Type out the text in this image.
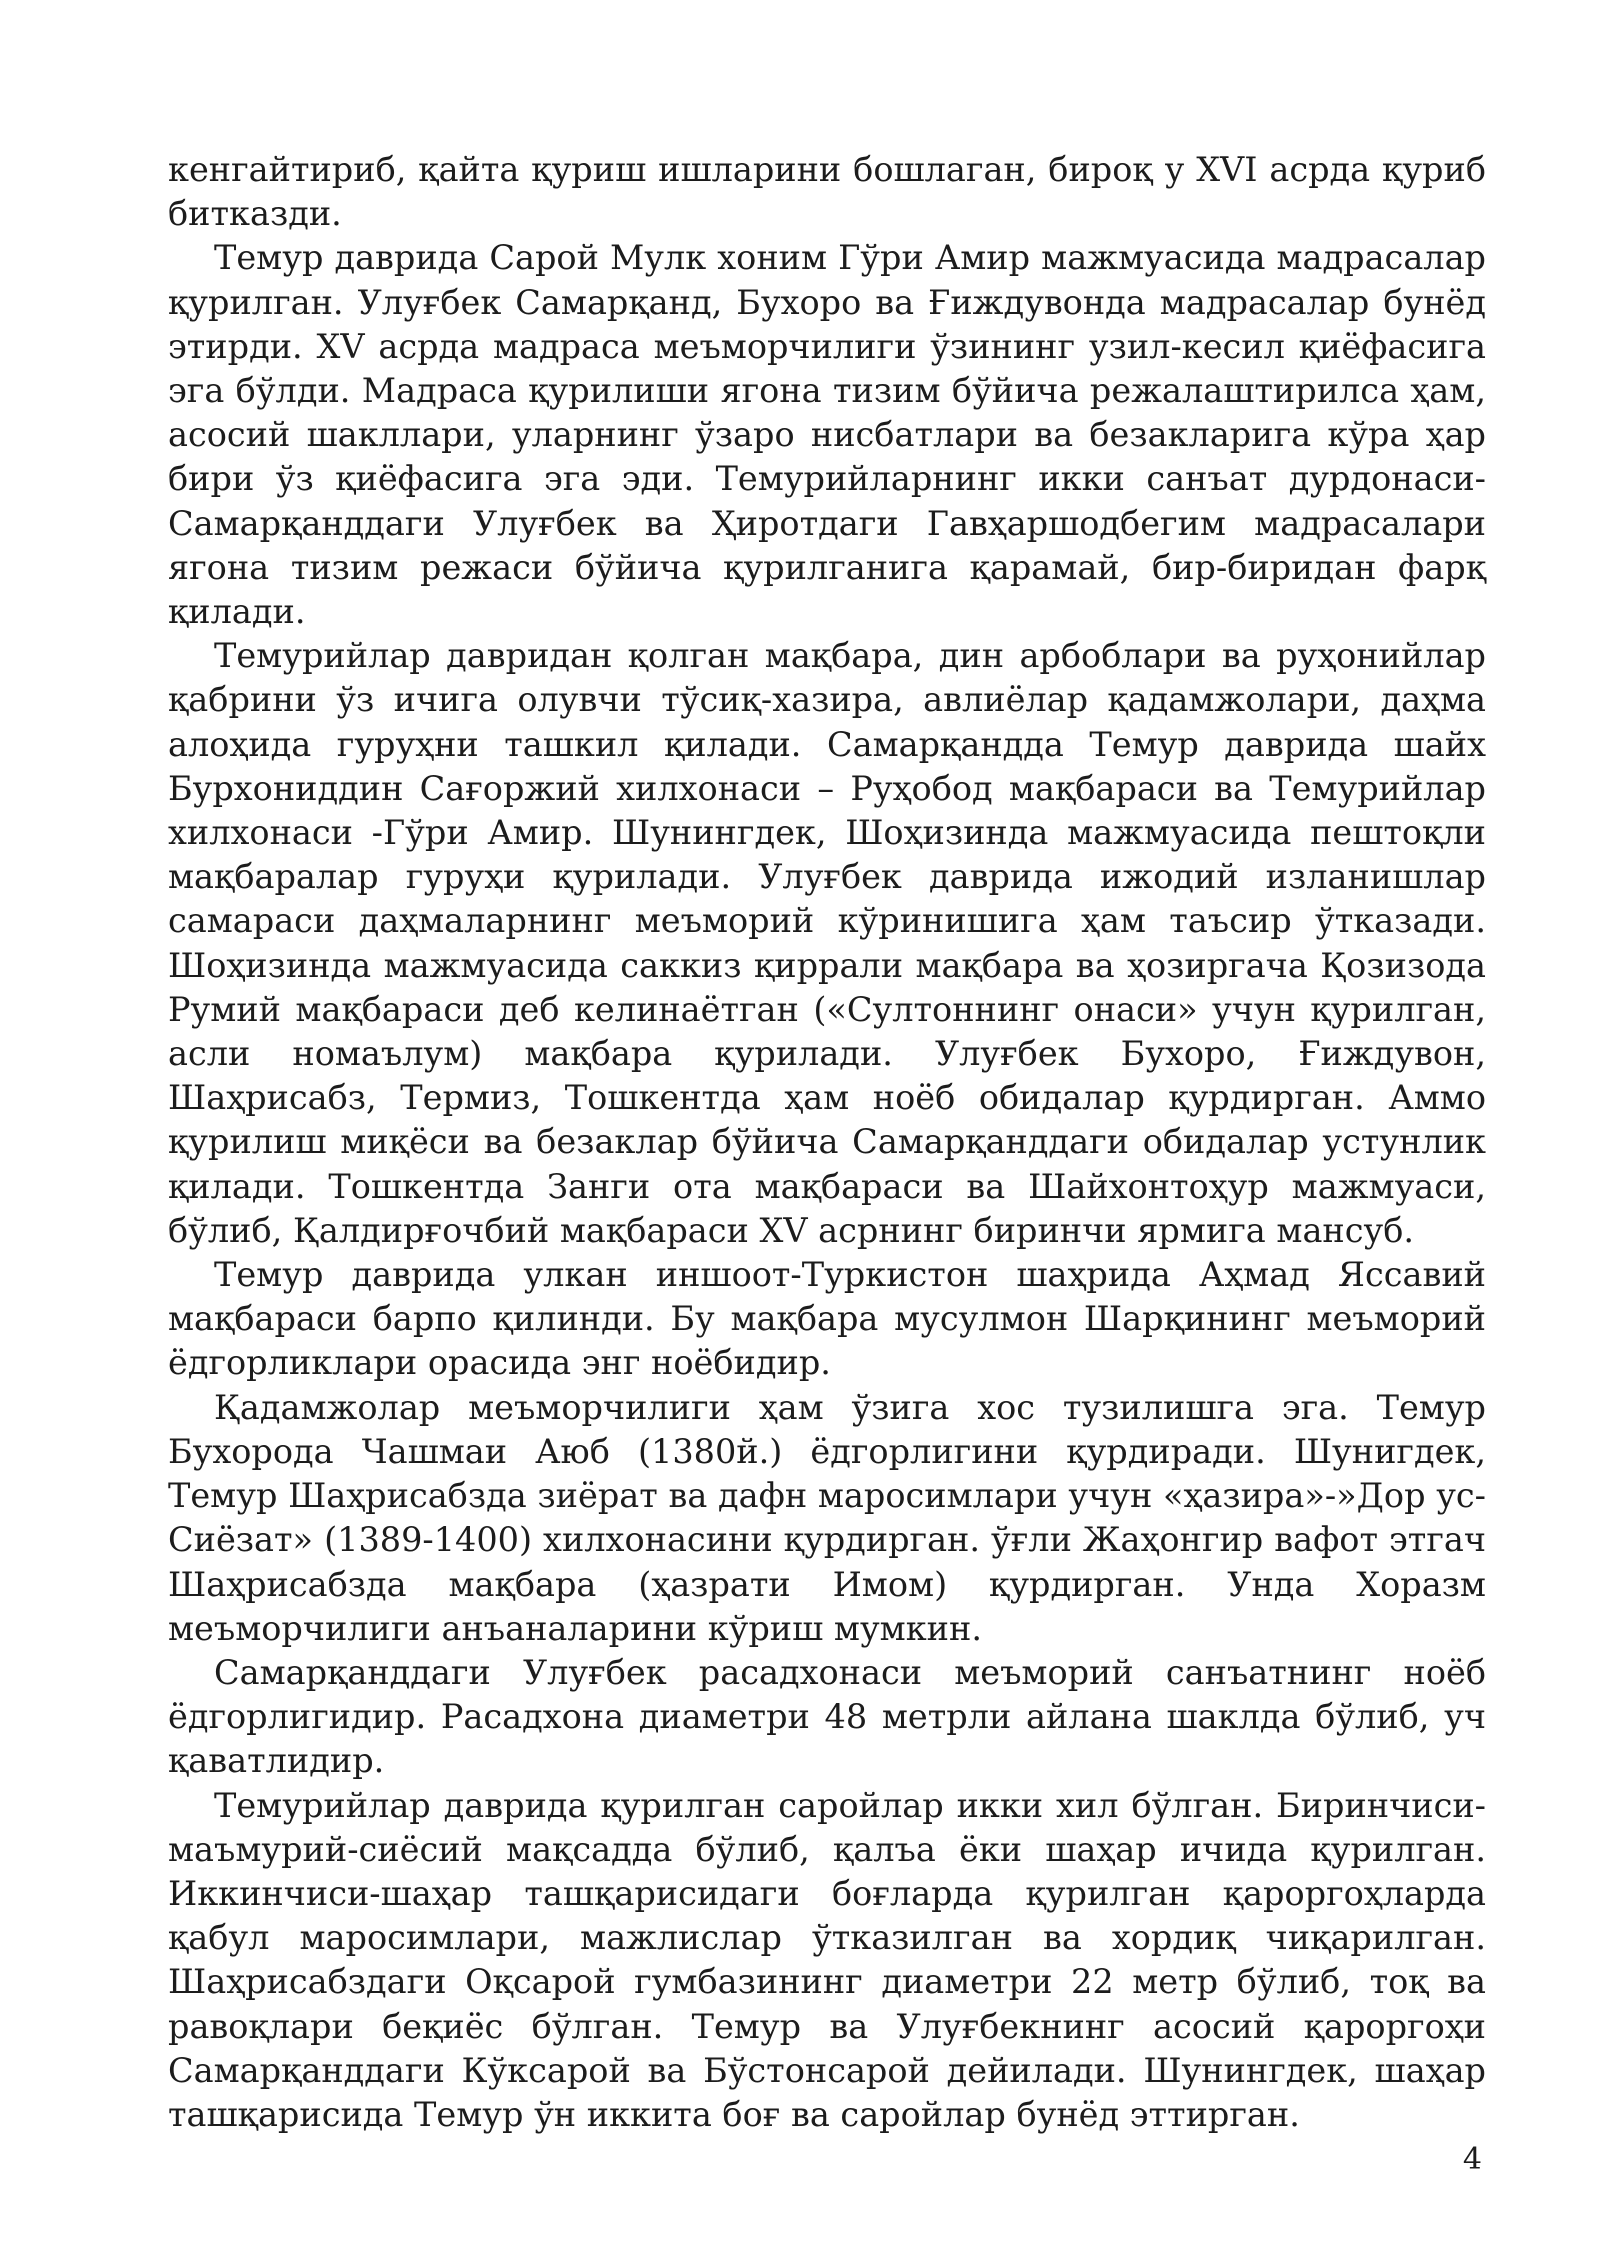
кенгайтириб, қайта қуриш ишларини бошлаган, бироқ у XVI асрда қуриб битказди.

Темур даврида Сарой Мулк хоним Гўри Амир мажмуасида мадрасалар қурилган. Улуғбек Самарқанд, Бухоро ва Ғиждувонда мадрасалар бунёд этирди. XV асрда мадраса меъморчилиги ўзининг узил-кесил қиёфасига эга бўлди. Мадраса қурилиши ягона тизим бўйича режалаштирилса ҳам, асосий шакллари, уларнинг ўзаро нисбатлари ва безакларига кўра ҳар бири ўз қиёфасига эга эди. Темурийларнинг икки санъат дурдонаси-Самарқанддаги Улуғбек ва Ҳиротдаги Гавҳаршодбегим мадрасалари ягона тизим режаси бўйича қурилганига қарамай, бир-биридан фарқ қилади.

Темурийлар давридан қолган мақбара, дин арбоблари ва руҳонийлар қабрини ўз ичига олувчи тўсиқ-хазира, авлиёлар қадамжолари, даҳма алоҳида гуруҳни ташкил қилади. Самарқандда Темур даврида шайх Бурхониддин Сағоржий хилхонаси – Руҳобод мақбараси ва Темурийлар хилхонаси -Гўри Амир. Шунингдек, Шоҳизинда мажмуасида пештоқли мақбаралар гуруҳи қурилади. Улуғбек даврида ижодий изланишлар самараси даҳмаларнинг меъморий кўринишига ҳам таъсир ўтказади. Шоҳизинда мажмуасида саккиз қиррали мақбара ва ҳозиргача Қозизода Румий мақбараси деб келинаётган («Султоннинг онаси» учун қурилган, асли номаълум) мақбара қурилади. Улуғбек Бухоро, Ғиждувон, Шаҳрисабз, Термиз, Тошкентда ҳам ноёб обидалар қурдирган. Аммо қурилиш миқёси ва безаклар бўйича Самарқанддаги обидалар устунлик қилади. Тошкентда Занги ота мақбараси ва Шайхонтоҳур мажмуаси, бўлиб, Қалдирғочбий мақбараси XV асрнинг биринчи ярмига мансуб.

Темур даврида улкан иншоот-Туркистон шаҳрида Аҳмад Яссавий мақбараси барпо қилинди. Бу мақбара мусулмон Шарқининг меъморий ёдгорликлари орасида энг ноёбидир.

Қадамжолар меъморчилиги ҳам ўзига хос тузилишга эга. Темур Бухорода Чашмаи Аюб (1380й.) ёдгорлигини қурдиради. Шунигдек, Темур Шаҳрисабзда зиёрат ва дафн маросимлари учун «ҳазира»-»Дор ус-Сиёзат» (1389-1400) хилхонасини қурдирган. ўғли Жаҳонгир вафот этгач Шаҳрисабзда мақбара (ҳазрати Имом) қурдирган. Унда Хоразм меъморчилиги анъаналарини кўриш мумкин.

Самарқанддаги Улуғбек расадхонаси меъморий санъатнинг ноёб ёдгорлигидир. Расадхона диаметри 48 метрли айлана шаклда бўлиб, уч қаватлидир.

Темурийлар даврида қурилган саройлар икки хил бўлган. Биринчиси-маъмурий-сиёсий мақсадда бўлиб, қалъа ёки шаҳар ичида қурилган. Иккинчиси-шаҳар ташқарисидаги боғларда қурилган қароргоҳларда қабул маросимлари, мажлислар ўтказилган ва хордиқ чиқарилган. Шаҳрисабздаги Оқсарой гумбазининг диаметри 22 метр бўлиб, тоқ ва равоқлари беқиёс бўлган. Темур ва Улуғбекнинг асосий қароргоҳи Самарқанддаги Кўксарой ва Бўстонсарой дейилади. Шунингдек, шаҳар ташқарисида Темур ўн иккита боғ ва саройлар бунёд эттирган.

4
